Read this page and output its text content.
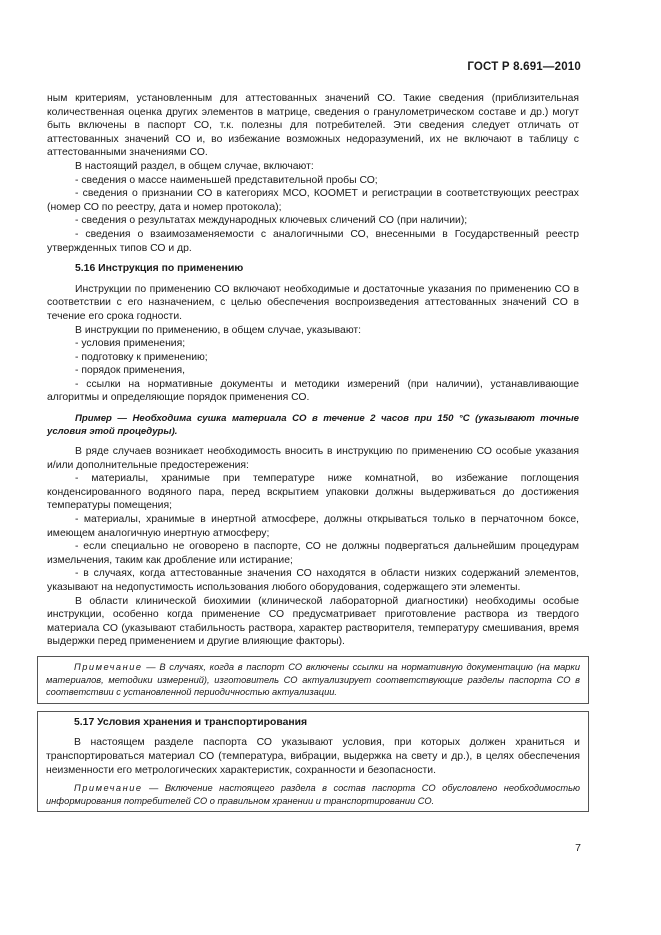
ГОСТ Р 8.691—2010

ным критериям, установленным для аттестованных значений СО. Такие сведения (приблизительная количественная оценка других элементов в матрице, сведения о гранулометрическом составе и др.) могут быть включены в паспорт СО, т.к. полезны для потребителей. Эти сведения следует отличать от аттестованных значений СО и, во избежание возможных недоразумений, их не включают в таблицу с аттестованными значениями СО.

В настоящий раздел, в общем случае, включают:

- сведения о массе наименьшей представительной пробы СО;

- сведения о признании СО в категориях МСО, КООМЕТ и регистрации в соответствующих реестрах (номер СО по реестру, дата и номер протокола);

- сведения о результатах международных ключевых сличений СО (при наличии);

- сведения о взаимозаменяемости с аналогичными СО, внесенными в Государственный реестр утвержденных типов СО и др.

5.16 Инструкция по применению

Инструкции по применению СО включают необходимые и достаточные указания по применению СО в соответствии с его назначением, с целью обеспечения воспроизведения аттестованных значений СО в течение его срока годности.

В инструкции по применению, в общем случае, указывают:

- условия применения;

- подготовку к применению;

- порядок применения,

- ссылки на нормативные документы и методики измерений (при наличии), устанавливающие алгоритмы и определяющие порядок применения СО.

Пример — Необходима сушка материала СО в течение 2 часов при 150 °С (указывают точные условия этой процедуры).

В ряде случаев возникает необходимость вносить в инструкцию по применению СО особые указания и/или дополнительные предостережения:

- материалы, хранимые при температуре ниже комнатной, во избежание поглощения конденсированного водяного пара, перед вскрытием упаковки должны выдерживаться до достижения температуры помещения;

- материалы, хранимые в инертной атмосфере, должны открываться только в перчаточном боксе, имеющем аналогичную инертную атмосферу;

- если специально не оговорено в паспорте, СО не должны подвергаться дальнейшим процедурам измельчения, таким как дробление или истирание;

- в случаях, когда аттестованные значения СО находятся в области низких содержаний элементов, указывают на недопустимость использования любого оборудования, содержащего эти элементы.

В области клинической биохимии (клинической лабораторной диагностики) необходимы особые инструкции, особенно когда применение СО предусматривает приготовление раствора из твердого материала СО (указывают стабильность раствора, характер растворителя, температуру смешивания, время выдержки перед применением и другие влияющие факторы).

Примечание — В случаях, когда в паспорт СО включены ссылки на нормативную документацию (на марки материалов, методики измерений), изготовитель СО актуализирует соответствующие разделы паспорта СО в соответствии с установленной периодичностью актуализации.

5.17 Условия хранения и транспортирования

В настоящем разделе паспорта СО указывают условия, при которых должен храниться и транспортироваться материал СО (температура, вибрации, выдержка на свету и др.), в целях обеспечения неизменности его метрологических характеристик, сохранности и безопасности.

Примечание — Включение настоящего раздела в состав паспорта СО обусловлено необходимостью информирования потребителей СО о правильном хранении и транспортировании СО.

7
